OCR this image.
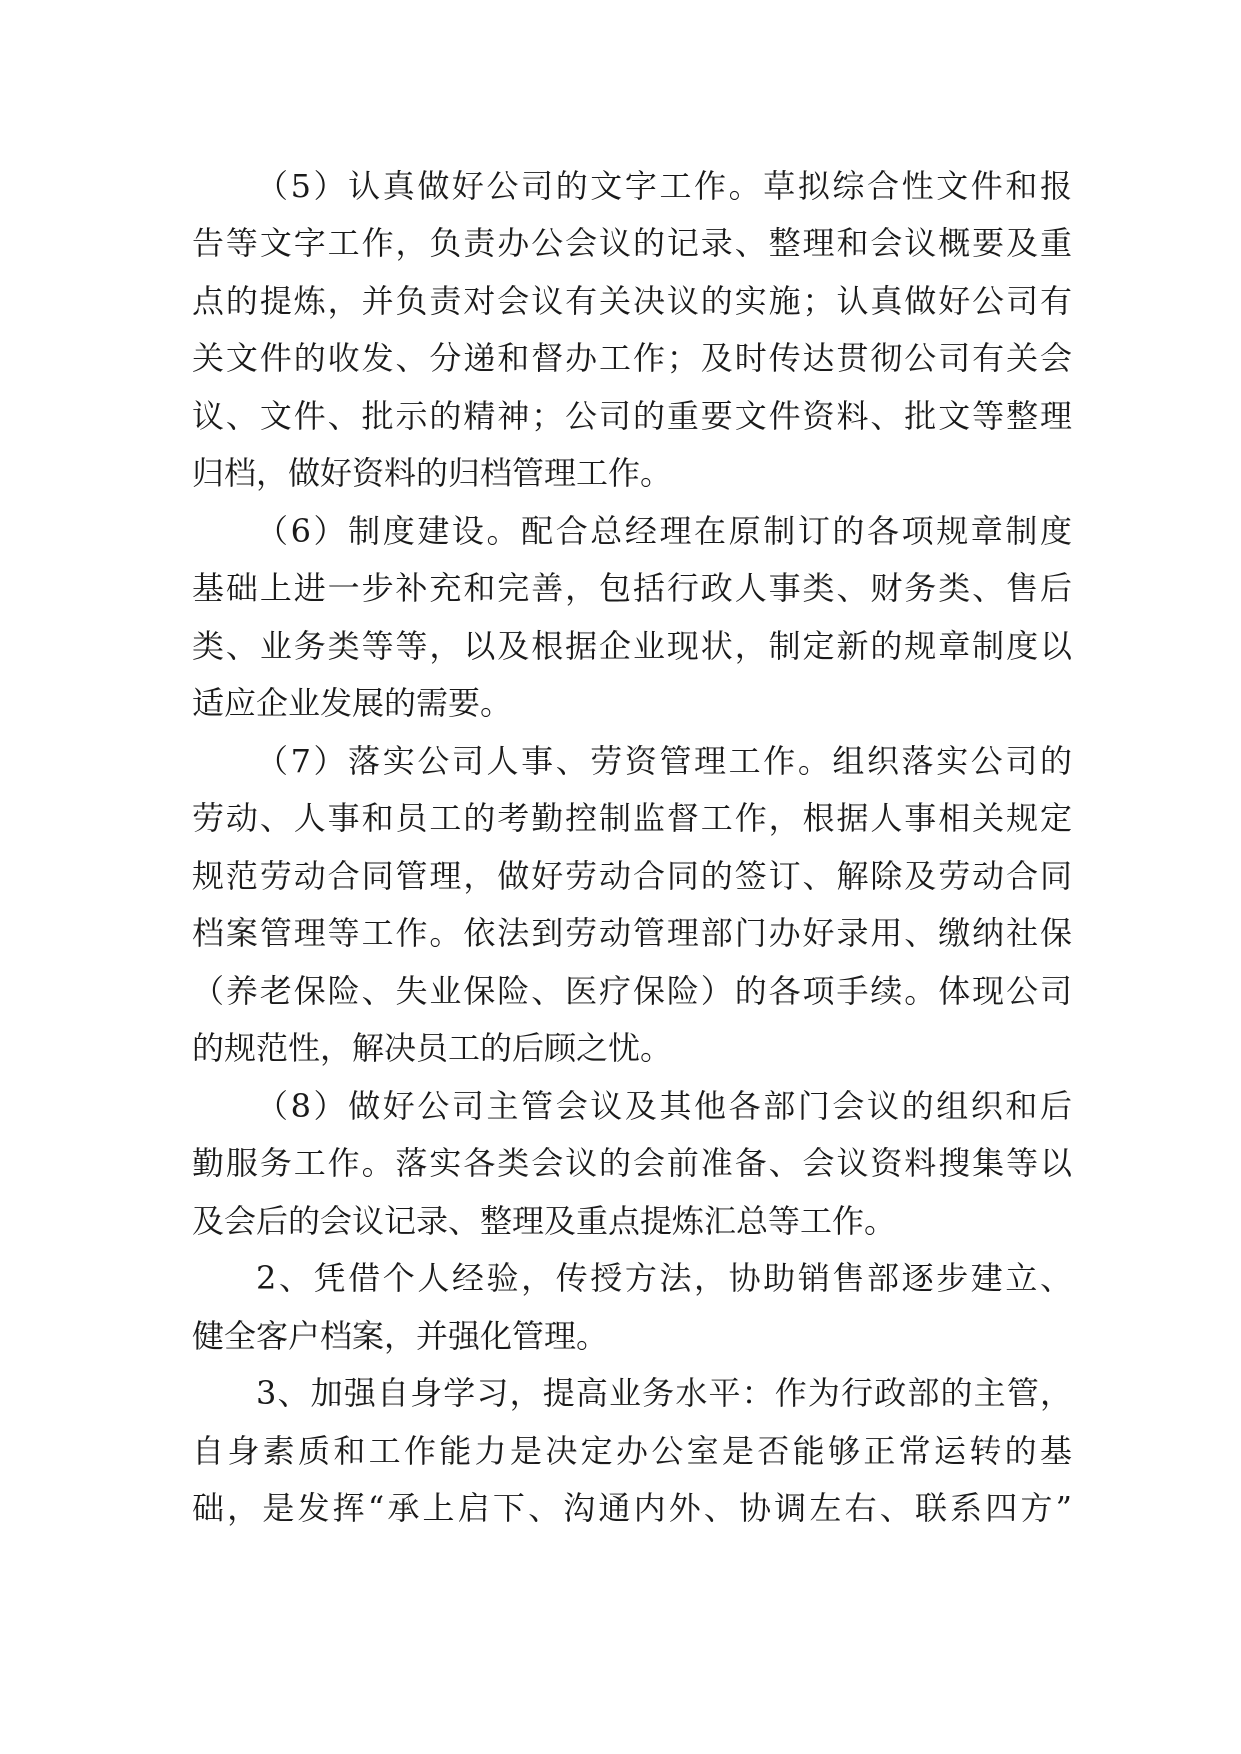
（5）认真做好公司的文字工作。草拟综合性文件和报
告等文字工作，负责办公会议的记录、整理和会议概要及重
点的提炼，并负责对会议有关决议的实施；认真做好公司有
关文件的收发、分递和督办工作；及时传达贯彻公司有关会
议、文件、批示的精神；公司的重要文件资料、批文等整理
归档，做好资料的归档管理工作。
（6）制度建设。配合总经理在原制订的各项规章制度
基础上进一步补充和完善，包括行政人事类、财务类、售后
类、业务类等等，以及根据企业现状，制定新的规章制度以
适应企业发展的需要。
（7）落实公司人事、劳资管理工作。组织落实公司的
劳动、人事和员工的考勤控制监督工作，根据人事相关规定
规范劳动合同管理，做好劳动合同的签订、解除及劳动合同
档案管理等工作。依法到劳动管理部门办好录用、缴纳社保
（养老保险、失业保险、医疗保险）的各项手续。体现公司
的规范性，解决员工的后顾之忧。
（8）做好公司主管会议及其他各部门会议的组织和后
勤服务工作。落实各类会议的会前准备、会议资料搜集等以
及会后的会议记录、整理及重点提炼汇总等工作。
2、凭借个人经验，传授方法，协助销售部逐步建立、
健全客户档案，并强化管理。
3、加强自身学习，提高业务水平：作为行政部的主管，
自身素质和工作能力是决定办公室是否能够正常运转的基
础，是发挥“承上启下、沟通内外、协调左右、联系四方”
